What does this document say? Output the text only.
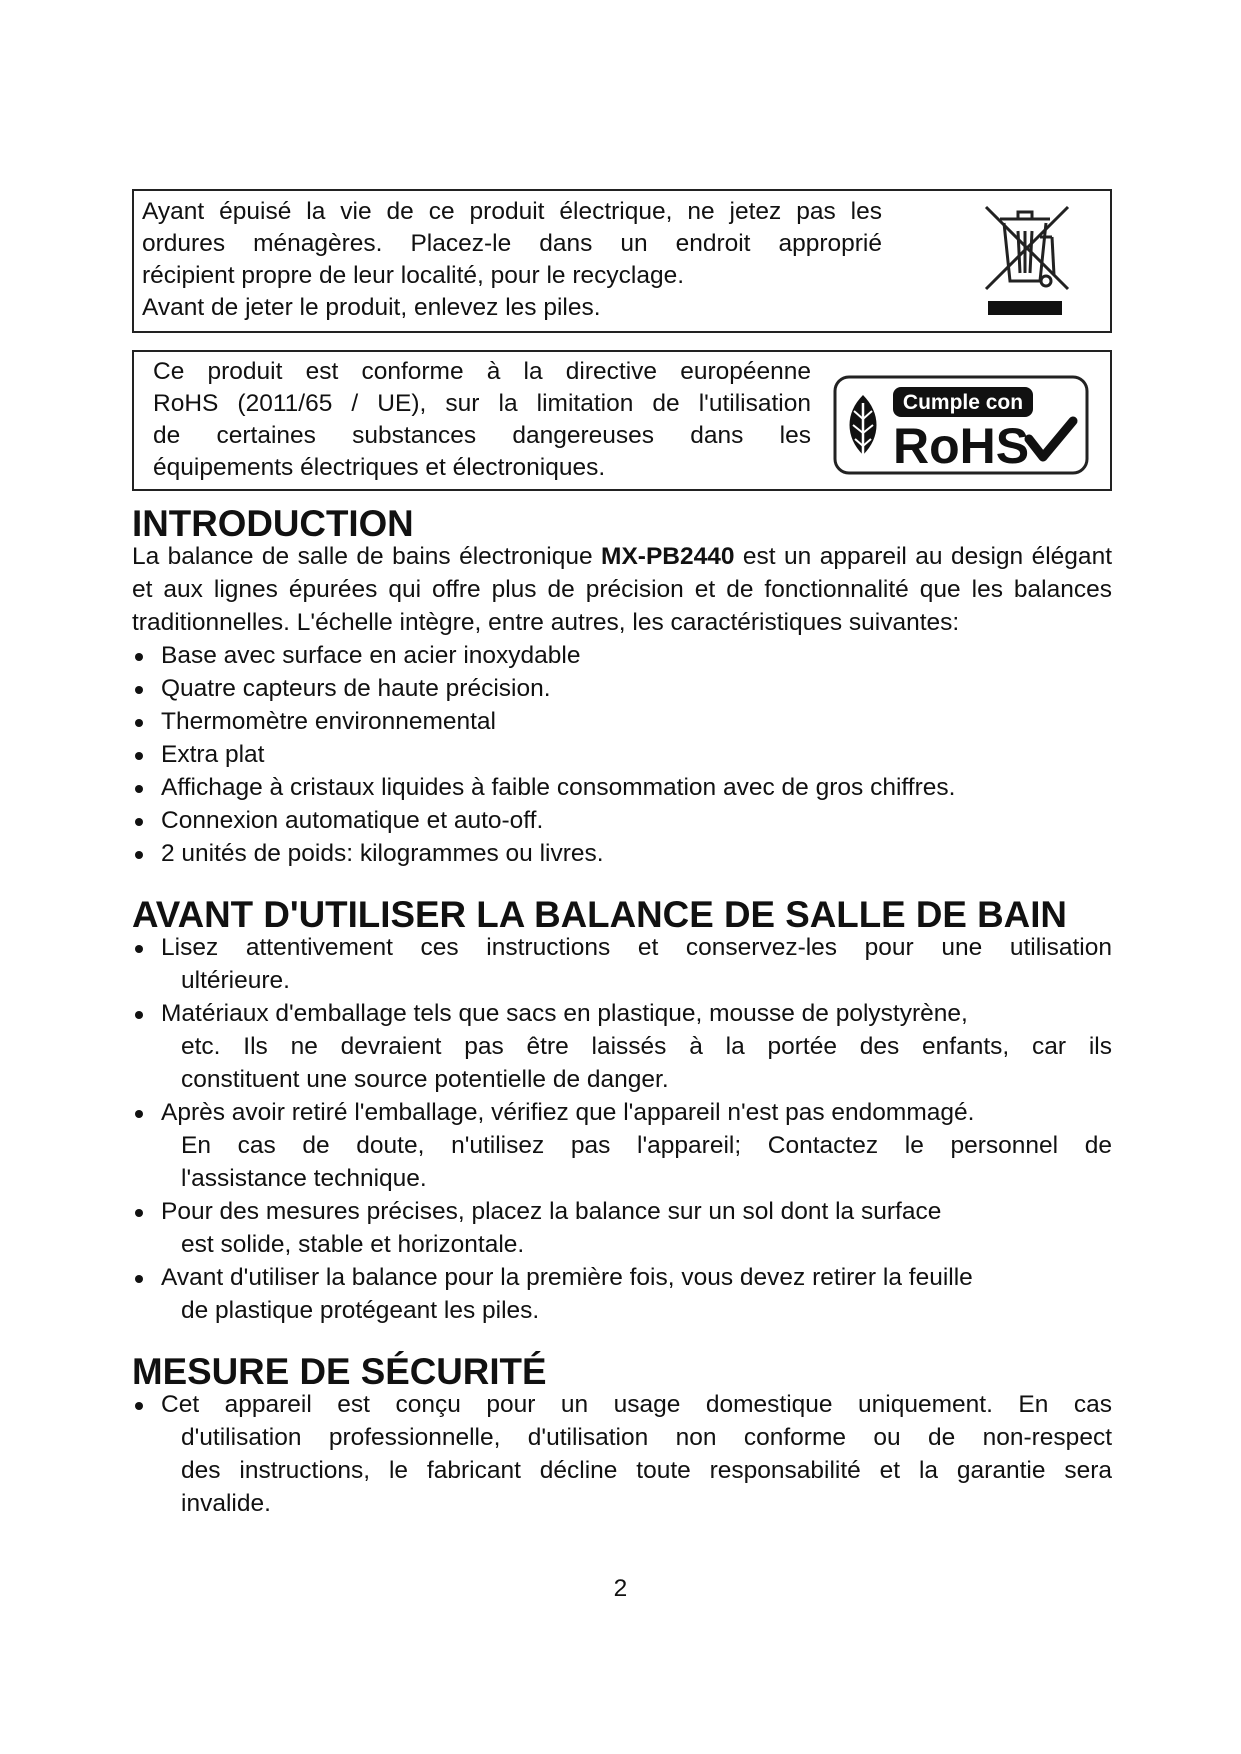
Ayant épuisé la vie de ce produit électrique, ne jetez pas les
ordures ménagères. Placez-le dans un endroit approprié
récipient propre de leur localité, pour le recyclage.
Avant de jeter le produit, enlevez les piles.
Ce produit est conforme à la directive européenne
RoHS (2011/65 / UE), sur la limitation de l'utilisation
de certaines substances dangereuses dans les
équipements électriques et électroniques.
Cumple con
RoHS
INTRODUCTION

La balance de salle de bains électronique MX-PB2440 est un appareil au design élégant et aux lignes épurées qui offre plus de précision et de fonctionnalité que les balances traditionnelles. L'échelle intègre, entre autres, les caractéristiques suivantes:

Base avec surface en acier inoxydable
Quatre capteurs de haute précision.
Thermomètre environnemental
Extra plat
Affichage à cristaux liquides à faible consommation avec de gros chiffres.
Connexion automatique et auto-off.
2 unités de poids: kilogrammes ou livres.
AVANT D'UTILISER LA BALANCE DE SALLE DE BAIN
Lisez attentivement ces instructions et conservez-les pour une utilisation
ultérieure.
Matériaux d'emballage tels que sacs en plastique, mousse de polystyrène,
etc. Ils ne devraient pas être laissés à la portée des enfants, car ils
constituent une source potentielle de danger.
Après avoir retiré l'emballage, vérifiez que l'appareil n'est pas endommagé.
En cas de doute, n'utilisez pas l'appareil; Contactez le personnel de
l'assistance technique.
Pour des mesures précises, placez la balance sur un sol dont la surface
est solide, stable et horizontale.
Avant d'utiliser la balance pour la première fois, vous devez retirer la feuille
de plastique protégeant les piles.
MESURE DE SÉCURITÉ
Cet appareil est conçu pour un usage domestique uniquement. En cas
d'utilisation professionnelle, d'utilisation non conforme ou de non-respect
des instructions, le fabricant décline toute responsabilité et la garantie sera
invalide.
2
